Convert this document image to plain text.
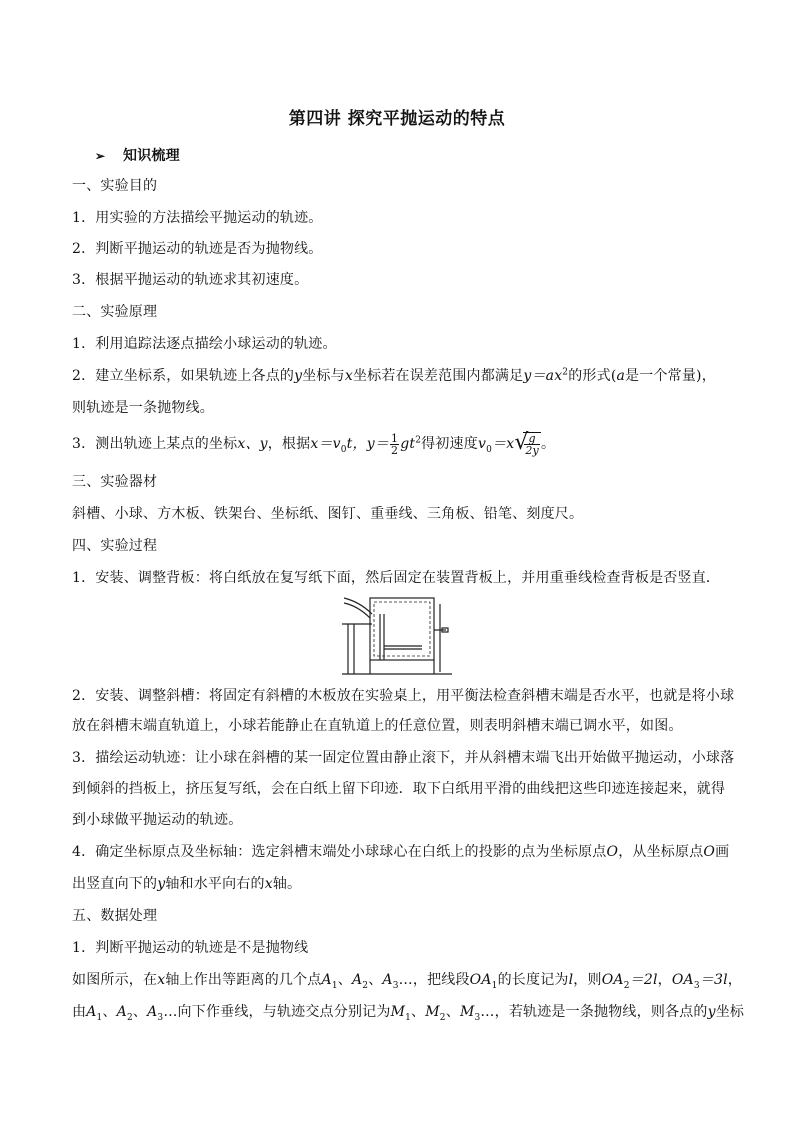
第四讲 探究平抛运动的特点
➢ 知识梳理
一、实验目的
1．用实验的方法描绘平抛运动的轨迹。
2．判断平抛运动的轨迹是否为抛物线。
3．根据平抛运动的轨迹求其初速度。
二、实验原理
1．利用追踪法逐点描绘小球运动的轨迹。
2．建立坐标系，如果轨迹上各点的y坐标与x坐标若在误差范围内都满足$y=ax^2$的形式(a是一个常量)，
则轨迹是一条抛物线。
3．测出轨迹上某点的坐标x、y，根据$x=v_0t$，$y= \frac{1}{2} gt^2$得初速度$v_0=x$ √
$\frac{g}{2y}$ 。
三、实验器材
斜槽、小球、方木板、铁架台、坐标纸、图钉、重垂线、三角板、铅笔、刻度尺。
四、实验过程
1．安装、调整背板：将白纸放在复写纸下面，然后固定在装置背板上，并用重垂线检查背板是否竖直．
2．安装、调整斜槽：将固定有斜槽的木板放在实验桌上，用平衡法检查斜槽末端是否水平，也就是将小球
放在斜槽末端直轨道上，小球若能静止在直轨道上的任意位置，则表明斜槽末端已调水平，如图。
3．描绘运动轨迹：让小球在斜槽的某一固定位置由静止滚下，并从斜槽末端飞出开始做平抛运动，小球落
到倾斜的挡板上，挤压复写纸，会在白纸上留下印迹．取下白纸用平滑的曲线把这些印迹连接起来，就得
到小球做平抛运动的轨迹。
4．确定坐标原点及坐标轴：选定斜槽末端处小球球心在白纸上的投影的点为坐标原点O，从坐标原点O画
出竖直向下的y轴和水平向右的x轴。
五、数据处理
1．判断平抛运动的轨迹是不是抛物线
如图所示，在x轴上作出等距离的几个点$A_1$、$A_2$、$A_3\dots$，把线段$OA_1$的长度记为l，则$OA_2=2l$，$OA_3=3l$，
由$A_1$、$A_2$、$A_3\dots$向下作垂线，与轨迹交点分别记为$M_1$、$M_2$、$M_3\dots$，若轨迹是一条抛物线，则各点的y坐标
